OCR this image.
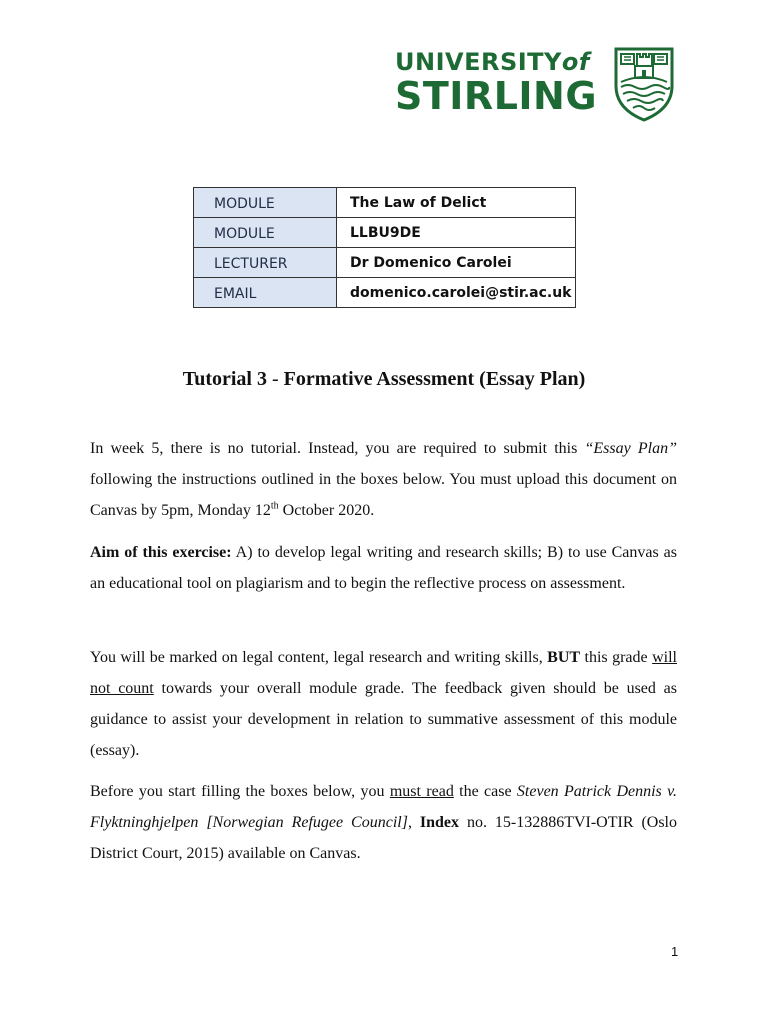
UNIVERSITYof
STIRLING
MODULE	The Law of Delict
MODULE	LLBU9DE
LECTURER	Dr Domenico Carolei
EMAIL	domenico.carolei@stir.ac.uk
Tutorial 3 - Formative Assessment (Essay Plan)
In week 5, there is no tutorial. Instead, you are required to submit this “Essay Plan” following the instructions outlined in the boxes below. You must upload this document on Canvas by 5pm, Monday 12th October 2020.
Aim of this exercise: A) to develop legal writing and research skills; B) to use Canvas as an educational tool on plagiarism and to begin the reflective process on assessment.
You will be marked on legal content, legal research and writing skills, BUT this grade will not count towards your overall module grade. The feedback given should be used as guidance to assist your development in relation to summative assessment of this module (essay).
Before you start filling the boxes below, you must read the case Steven Patrick Dennis v. Flyktninghjelpen [Norwegian Refugee Council], Index no. 15-132886TVI-OTIR (Oslo District Court, 2015) available on Canvas.
1
